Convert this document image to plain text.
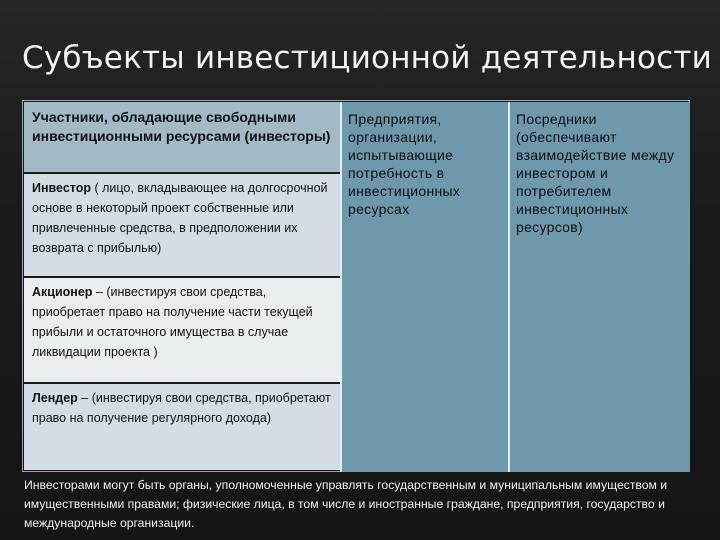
Субъекты инвестиционной деятельности
Участники, обладающие свободными инвестиционными ресурсами (инвесторы)
Инвестор ( лицо, вкладывающее на долгосрочной основе в некоторый проект собственные или привлеченные средства, в предположении их возврата с прибылью)
Акционер – (инвестируя свои средства, приобретает право на получение части текущей прибыли и остаточного имущества в случае ликвидации проекта )
Лендер – (инвестируя свои средства, приобретают право на получение регулярного дохода)
Предприятия, организации, испытывающие потребность в инвестиционных ресурсах
Посредники (обеспечивают взаимодействие между инвестором и потребителем инвестиционных ресурсов)
Инвесторами могут быть органы, уполномоченные управлять государственным и муниципальным имуществом и имущественными правами; физические лица, в том числе и иностранные граждане, предприятия, государство и международные организации.
